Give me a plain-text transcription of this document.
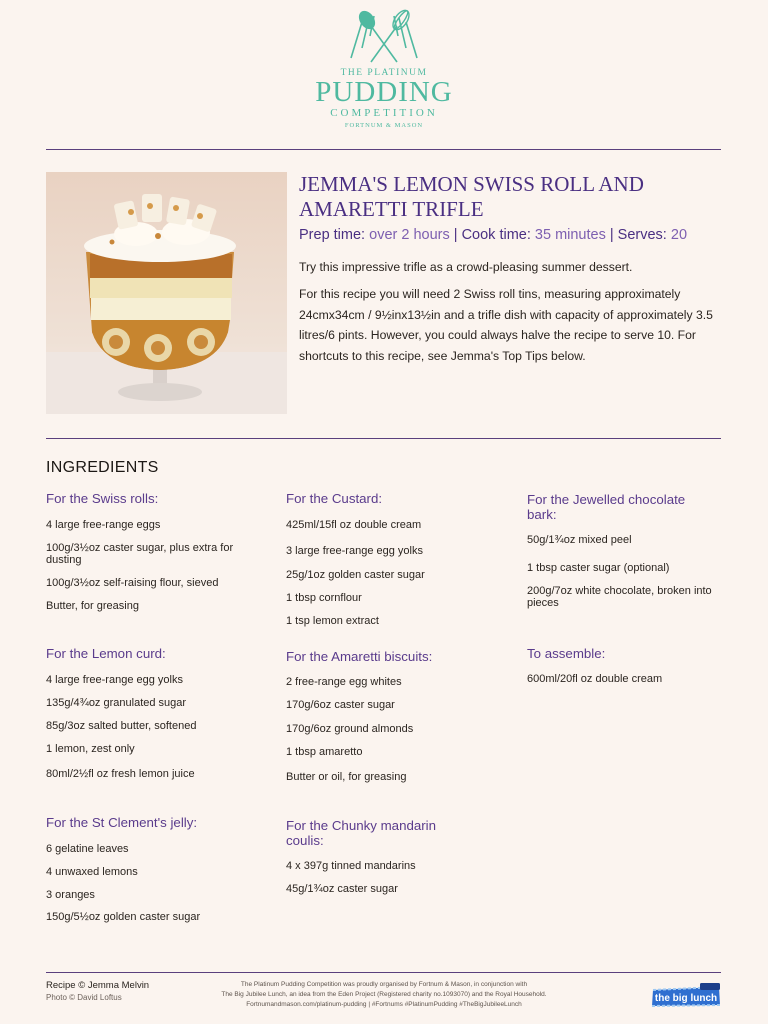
THE PLATINUM
PUDDING
COMPETITION
FORTNUM & MASON
JEMMA'S LEMON SWISS ROLL AND AMARETTI TRIFLE
Prep time: over 2 hours | Cook time: 35 minutes | Serves: 20

Try this impressive trifle as a crowd-pleasing summer dessert.

For this recipe you will need 2 Swiss roll tins, measuring approximately 24cmx34cm / 9½inx13½in and a trifle dish with capacity of approximately 3.5 litres/6 pints. However, you could always halve the recipe to serve 10. For shortcuts to this recipe, see Jemma's Top Tips below.

INGREDIENTS
For the Swiss rolls:
4 large free-range eggs
100g/3½oz caster sugar, plus extra for dusting
100g/3½oz self-raising flour, sieved
Butter, for greasing
For the Lemon curd:
4 large free-range egg yolks
135g/4¾oz granulated sugar
85g/3oz salted butter, softened
1 lemon, zest only
80ml/2½fl oz fresh lemon juice
For the St Clement's jelly:
6 gelatine leaves
4 unwaxed lemons
3 oranges
150g/5½oz golden caster sugar
For the Custard:
425ml/15fl oz double cream
3 large free-range egg yolks
25g/1oz golden caster sugar
1 tbsp cornflour
1 tsp lemon extract
For the Amaretti biscuits:
2 free-range egg whites
170g/6oz caster sugar
170g/6oz ground almonds
1 tbsp amaretto
Butter or oil, for greasing
For the Chunky mandarin coulis:
4 x 397g tinned mandarins
45g/1¾oz caster sugar
For the Jewelled chocolate bark:
50g/1¾oz mixed peel
1 tbsp caster sugar (optional)
200g/7oz white chocolate, broken into pieces
To assemble:
600ml/20fl oz double cream
Recipe © Jemma Melvin
Photo © David Loftus
The Platinum Pudding Competition was proudly organised by Fortnum & Mason, in conjunction with
The Big Jubilee Lunch, an idea from the Eden Project (Registered charity no.1093070) and the Royal Household.
Fortnumandmason.com/platinum-pudding | #Fortnums #PlatinumPudding #TheBigJubileeLunch
the big lunch
